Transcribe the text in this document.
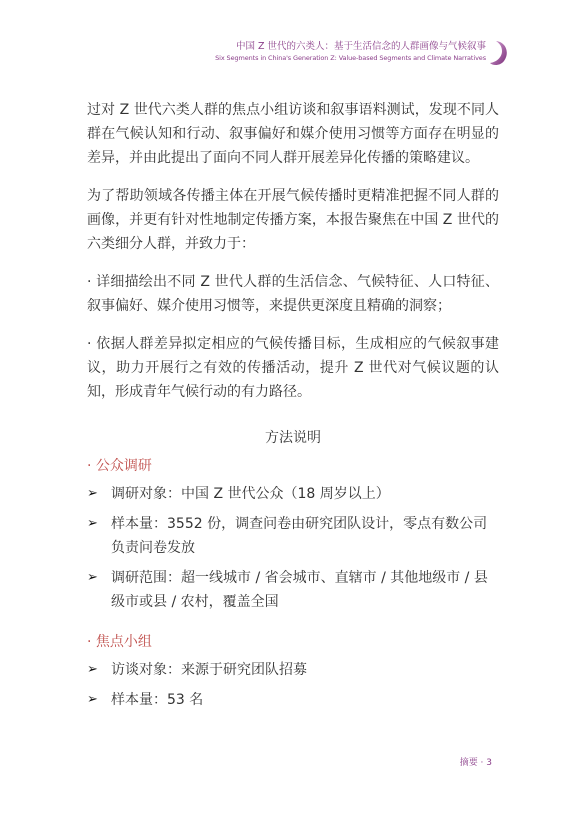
中国 Z 世代的六类人：基于生活信念的人群画像与气候叙事
Six Segments in China's Generation Z: Value-based Segments and Climate Narratives

过对 Z 世代六类人群的焦点小组访谈和叙事语料测试，发现不同人群在气候认知和行动、叙事偏好和媒介使用习惯等方面存在明显的差异，并由此提出了面向不同人群开展差异化传播的策略建议。

为了帮助领域各传播主体在开展气候传播时更精准把握不同人群的画像，并更有针对性地制定传播方案，本报告聚焦在中国 Z 世代的六类细分人群，并致力于：

· 详细描绘出不同 Z 世代人群的生活信念、气候特征、人口特征、叙事偏好、媒介使用习惯等，来提供更深度且精确的洞察；

· 依据人群差异拟定相应的气候传播目标，生成相应的气候叙事建议，助力开展行之有效的传播活动，提升 Z 世代对气候议题的认知，形成青年气候行动的有力路径。

方法说明
· 公众调研
➢ 调研对象：中国 Z 世代公众（18 周岁以上）
➢ 样本量：3552 份，调查问卷由研究团队设计，零点有数公司负责问卷发放
➢ 调研范围：超一线城市 / 省会城市、直辖市 / 其他地级市 / 县级市或县 / 农村，覆盖全国
· 焦点小组
➢ 访谈对象：来源于研究团队招募
➢ 样本量：53 名
摘要 · 3
